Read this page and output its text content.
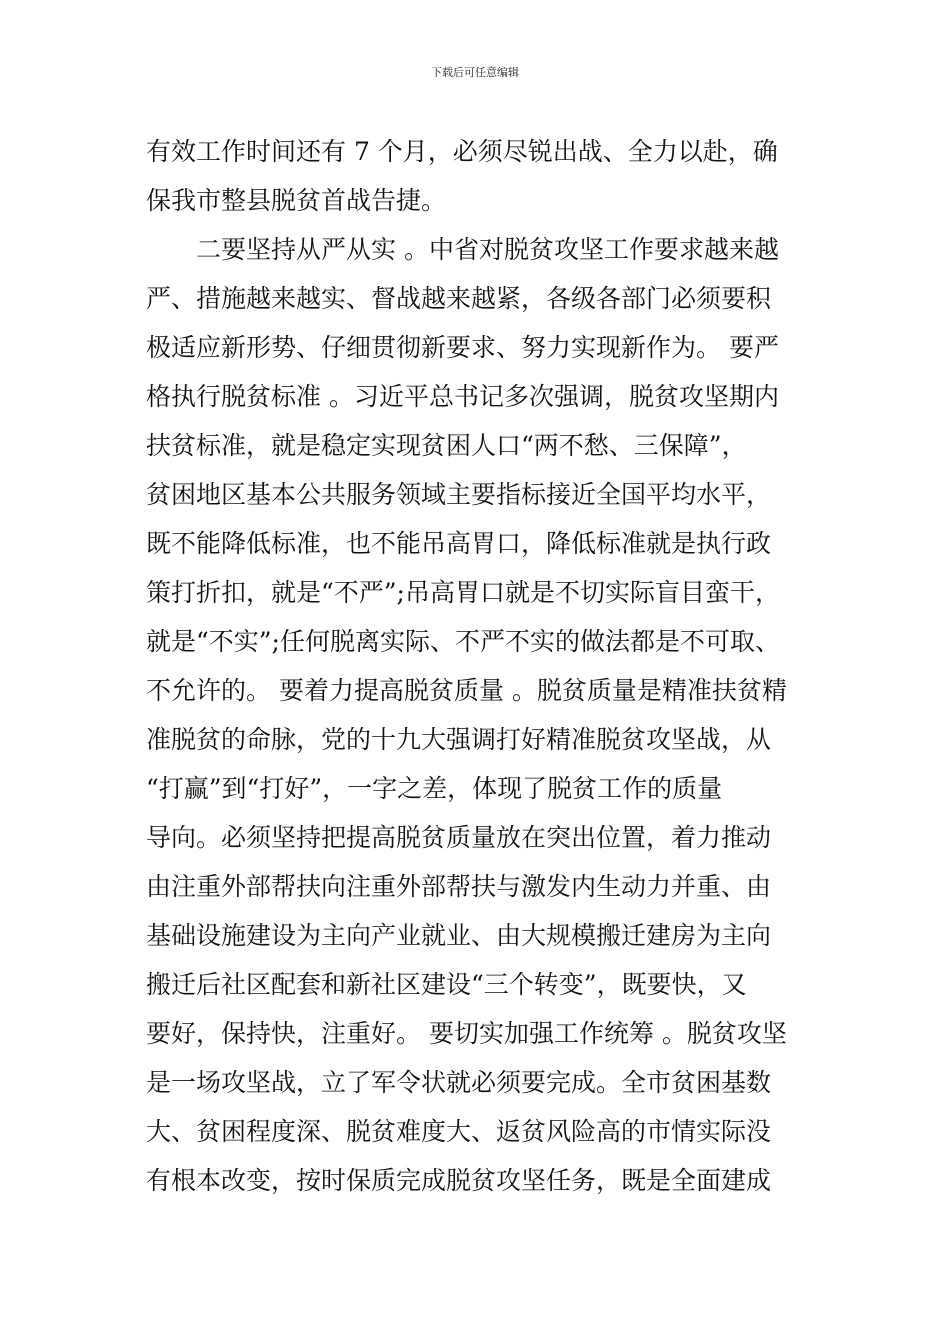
下载后可任意编辑
有效工作时间还有 7 个月，必须尽锐出战、全力以赴，确
保我市整县脱贫首战告捷。
二要坚持从严从实 。中省对脱贫攻坚工作要求越来越
严、措施越来越实、督战越来越紧，各级各部门必须要积
极适应新形势、仔细贯彻新要求、努力实现新作为。 要严
格执行脱贫标准 。习近平总书记多次强调，脱贫攻坚期内
扶贫标准，就是稳定实现贫困人口“两不愁、三保障”，
贫困地区基本公共服务领域主要指标接近全国平均水平，
既不能降低标准，也不能吊高胃口，降低标准就是执行政
策打折扣，就是“不严”;吊高胃口就是不切实际盲目蛮干，
就是“不实”;任何脱离实际、不严不实的做法都是不可取、
不允许的。 要着力提高脱贫质量 。脱贫质量是精准扶贫精
准脱贫的命脉，党的十九大强调打好精准脱贫攻坚战，从
“打赢”到“打好”，一字之差，体现了脱贫工作的质量
导向。必须坚持把提高脱贫质量放在突出位置，着力推动
由注重外部帮扶向注重外部帮扶与激发内生动力并重、由
基础设施建设为主向产业就业、由大规模搬迁建房为主向
搬迁后社区配套和新社区建设“三个转变”，既要快，又
要好，保持快，注重好。 要切实加强工作统筹 。脱贫攻坚
是一场攻坚战，立了军令状就必须要完成。全市贫困基数
大、贫困程度深、脱贫难度大、返贫风险高的市情实际没
有根本改变，按时保质完成脱贫攻坚任务，既是全面建成
